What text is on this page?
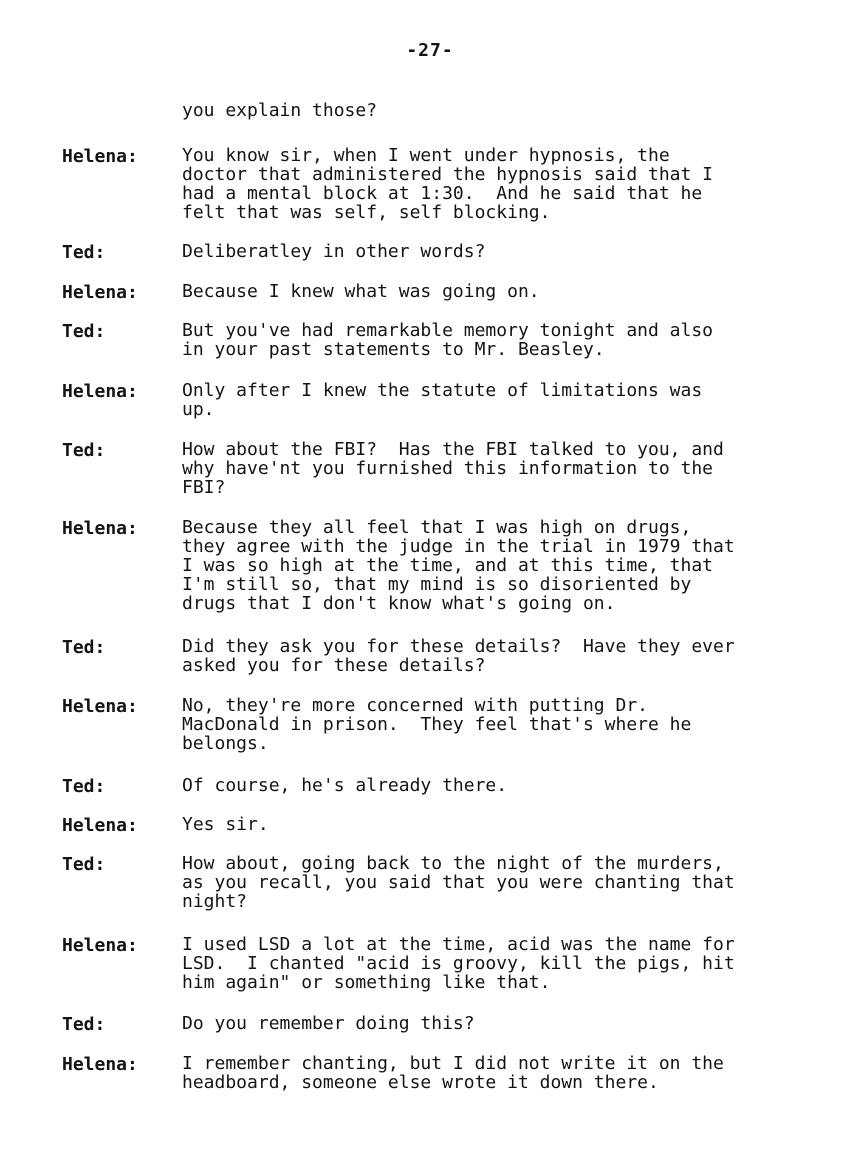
-27-
you explain those?
Helena: You know sir, when I went under hypnosis, the
doctor that administered the hypnosis said that I
had a mental block at 1:30.  And he said that he
felt that was self, self blocking.
Ted:	Deliberatley in other words?
Helena: Because I knew what was going on.
Ted:	But you've had remarkable memory tonight and also
in your past statements to Mr. Beasley.
Helena: Only after I knew the statute of limitations was
up.
Ted:	How about the FBI?  Has the FBI talked to you, and
why have'nt you furnished this information to the
FBI?
Helena: Because they all feel that I was high on drugs,
they agree with the judge in the trial in 1979 that
I was so high at the time, and at this time, that
I'm still so, that my mind is so disoriented by
drugs that I don't know what's going on.
Ted:	Did they ask you for these details?  Have they ever
asked you for these details?
Helena: No, they're more concerned with putting Dr.
MacDonald in prison.  They feel that's where he
belongs.
Ted:	Of course, he's already there.
Helena: Yes sir.
Ted:	How about, going back to the night of the murders,
as you recall, you said that you were chanting that
night?
Helena: I used LSD a lot at the time, acid was the name for
LSD.  I chanted "acid is groovy, kill the pigs, hit
him again" or something like that.
Ted:	Do you remember doing this?
Helena: I remember chanting, but I did not write it on the
headboard, someone else wrote it down there.
